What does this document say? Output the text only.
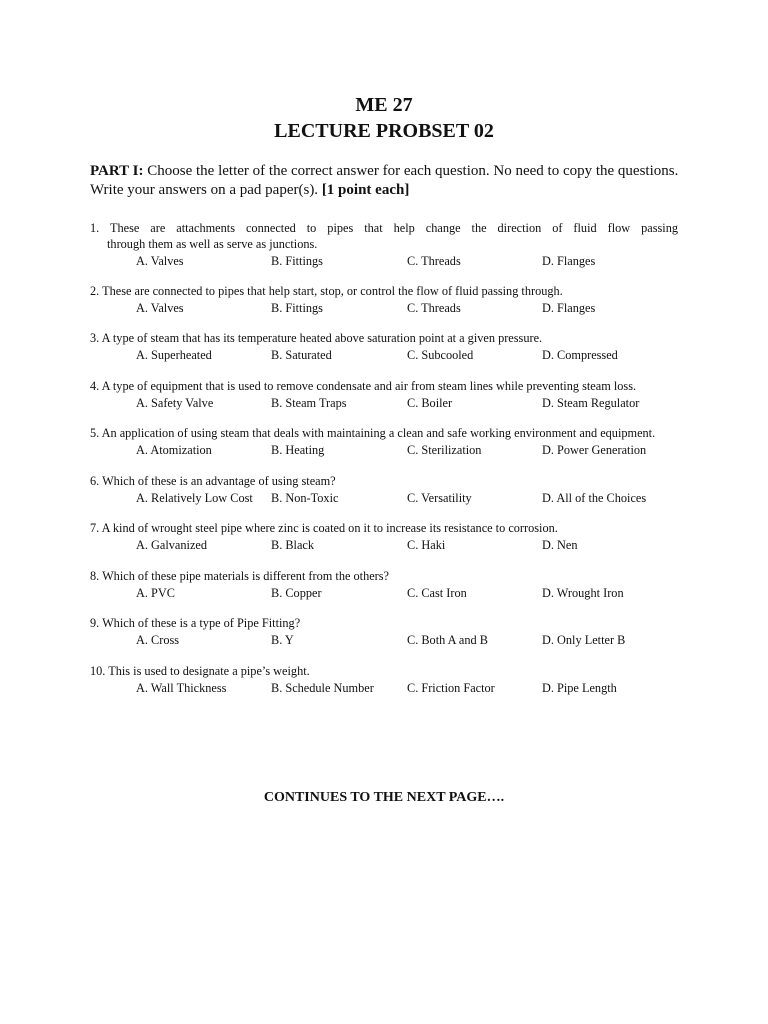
ME 27
LECTURE PROBSET 02
PART I: Choose the letter of the correct answer for each question. No need to copy the questions. Write your answers on a pad paper(s). [1 point each]
1. These are attachments connected to pipes that help change the direction of fluid flow passing
through them as well as serve as junctions.
A. Valves	B. Fittings	C. Threads	D. Flanges
2. These are connected to pipes that help start, stop, or control the flow of fluid passing through.
A. Valves	B. Fittings	C. Threads	D. Flanges
3. A type of steam that has its temperature heated above saturation point at a given pressure.
A. Superheated	B. Saturated	C. Subcooled	D. Compressed
4. A type of equipment that is used to remove condensate and air from steam lines while preventing steam loss.
A. Safety Valve	B. Steam Traps	C. Boiler	D. Steam Regulator
5. An application of using steam that deals with maintaining a clean and safe working environment and equipment.
A. Atomization	B. Heating	C. Sterilization	D. Power Generation
6. Which of these is an advantage of using steam?
A. Relatively Low Cost B. Non-Toxic	C. Versatility	D. All of the Choices
7. A kind of wrought steel pipe where zinc is coated on it to increase its resistance to corrosion.
A. Galvanized	B. Black	C. Haki	D. Nen
8. Which of these pipe materials is different from the others?
A. PVC	B. Copper	C. Cast Iron	D. Wrought Iron
9. Which of these is a type of Pipe Fitting?
A. Cross	B. Y	C. Both A and B	D. Only Letter B
10. This is used to designate a pipe’s weight.
A. Wall Thickness	B. Schedule Number	C. Friction Factor	D. Pipe Length
CONTINUES TO THE NEXT PAGE….
